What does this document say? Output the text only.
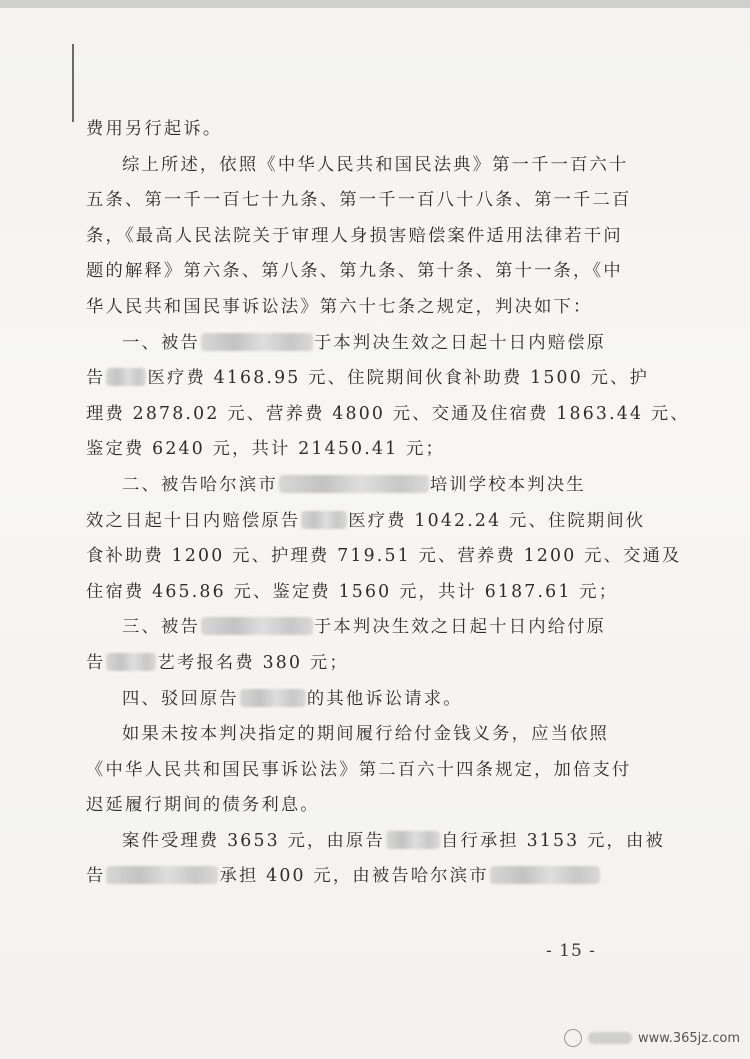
费用另行起诉。
综上所述，依照《中华人民共和国民法典》第一千一百六十
五条、第一千一百七十九条、第一千一百八十八条、第一千二百
条，《最高人民法院关于审理人身损害赔偿案件适用法律若干问
题的解释》第六条、第八条、第九条、第十条、第十一条，《中
华人民共和国民事诉讼法》第六十七条之规定，判决如下：
一、被告	于本判决生效之日起十日内赔偿原
告 医疗费 4168.95 元、住院期间伙食补助费 1500 元、护
理费 2878.02 元、营养费 4800 元、交通及住宿费 1863.44 元、
鉴定费 6240 元，共计 21450.41 元；
二、被告哈尔滨市	培训学校本判决生
效之日起十日内赔偿原告	医疗费 1042.24 元、住院期间伙
食补助费 1200 元、护理费 719.51 元、营养费 1200 元、交通及
住宿费 465.86 元、鉴定费 1560 元，共计 6187.61 元；
三、被告	于本判决生效之日起十日内给付原
告	艺考报名费 380 元；
四、驳回原告	的其他诉讼请求。
如果未按本判决指定的期间履行给付金钱义务，应当依照
《中华人民共和国民事诉讼法》第二百六十四条规定，加倍支付
迟延履行期间的债务利息。
案件受理费 3653 元，由原告	自行承担 3153 元，由被
告	承担 400 元，由被告哈尔滨市
- 15 -
www.365jz.com
